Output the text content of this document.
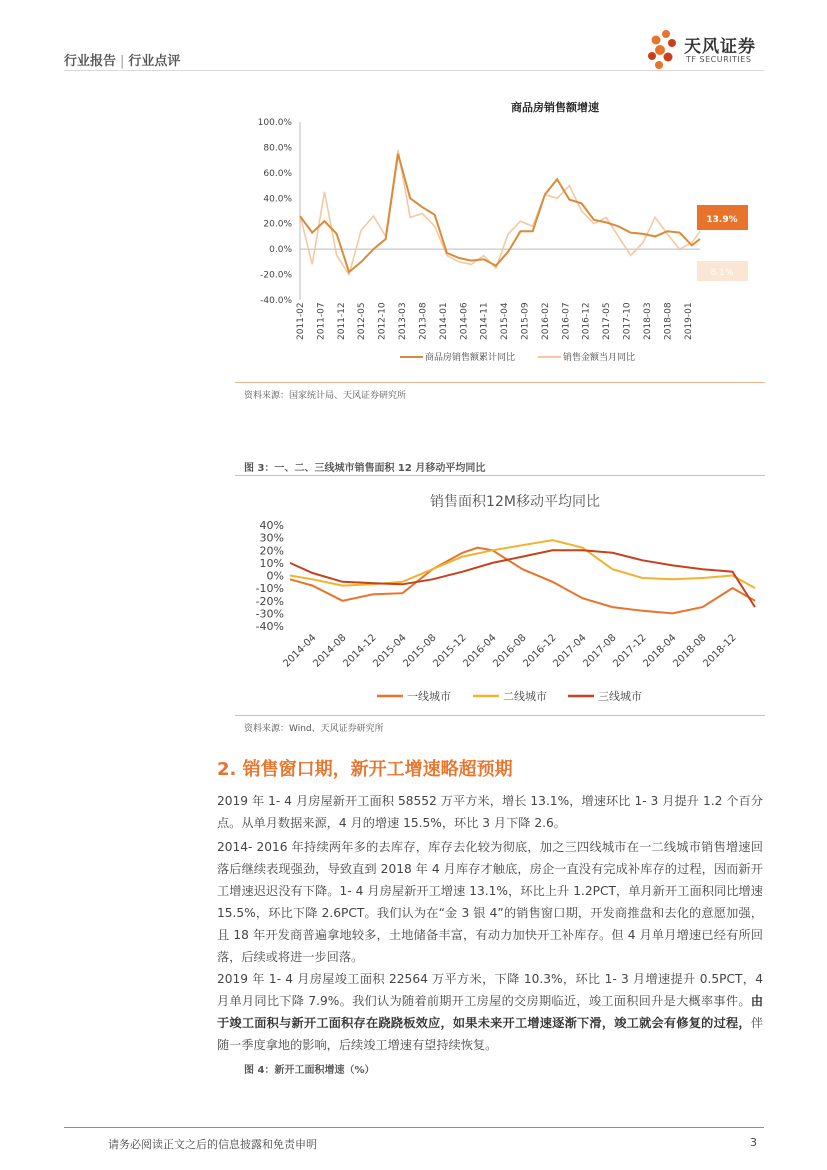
行业报告 | 行业点评
天风证券
TF SECURITIES
商品房销售额增速
100.0%
80.0%
60.0%
40.0%
20.0%
0.0%
-20.0%
-40.0%
2011-02 2011-07 2011-12 2012-05 2012-10 2013-03 2013-08 2014-01 2014-06 2014-11 2015-04 2015-09 2016-02 2016-07 2016-12 2017-05 2017-10 2018-03 2018-08 2019-01
13.9%
8.1%
商品房销售额累计同比	销售金额当月同比
资料来源：国家统计局、天风证券研究所
图 3：一、二、三线城市销售面积 12 月移动平均同比
销售面积12M移动平均同比
40%
30%
20%
10%
0%
-10%
-20%
-30%
-40%
2014-04
2014-08
2014-12
2015-04
2015-08
2015-12
2016-04
2016-08
2016-12
2017-04
2017-08
2017-12
2018-04
2018-08
2018-12
一线城市	二线城市	三线城市
资料来源：Wind、天风证券研究所
2. 销售窗口期，新开工增速略超预期
2019 年 1- 4 月房屋新开工面积 58552 万平方米，增长 13.1%，增速环比 1- 3 月提升 1.2 个百分点。从单月数据来源，4 月的增速 15.5%，环比 3 月下降 2.6。
2014- 2016 年持续两年多的去库存，库存去化较为彻底，加之三四线城市在一二线城市销售增速回落后继续表现强劲，导致直到 2018 年 4 月库存才触底，房企一直没有完成补库存的过程，因而新开工增速迟迟没有下降。1- 4 月房屋新开工增速 13.1%，环比上升 1.2PCT，单月新开工面积同比增速 15.5%，环比下降 2.6PCT。我们认为在“金 3 银 4”的销售窗口期，开发商推盘和去化的意愿加强，且 18 年开发商普遍拿地较多，土地储备丰富，有动力加快开工补库存。但 4 月单月增速已经有所回落，后续或将进一步回落。
2019 年 1- 4 月房屋竣工面积 22564 万平方米，下降 10.3%，环比 1- 3 月增速提升 0.5PCT，4 月单月同比下降 7.9%。我们认为随着前期开工房屋的交房期临近，竣工面积回升是大概率事件。由于竣工面积与新开工面积存在跷跷板效应，如果未来开工增速逐渐下滑，竣工就会有修复的过程，伴随一季度拿地的影响，后续竣工增速有望持续恢复。
图 4：新开工面积增速（%）
请务必阅读正文之后的信息披露和免责申明	3
